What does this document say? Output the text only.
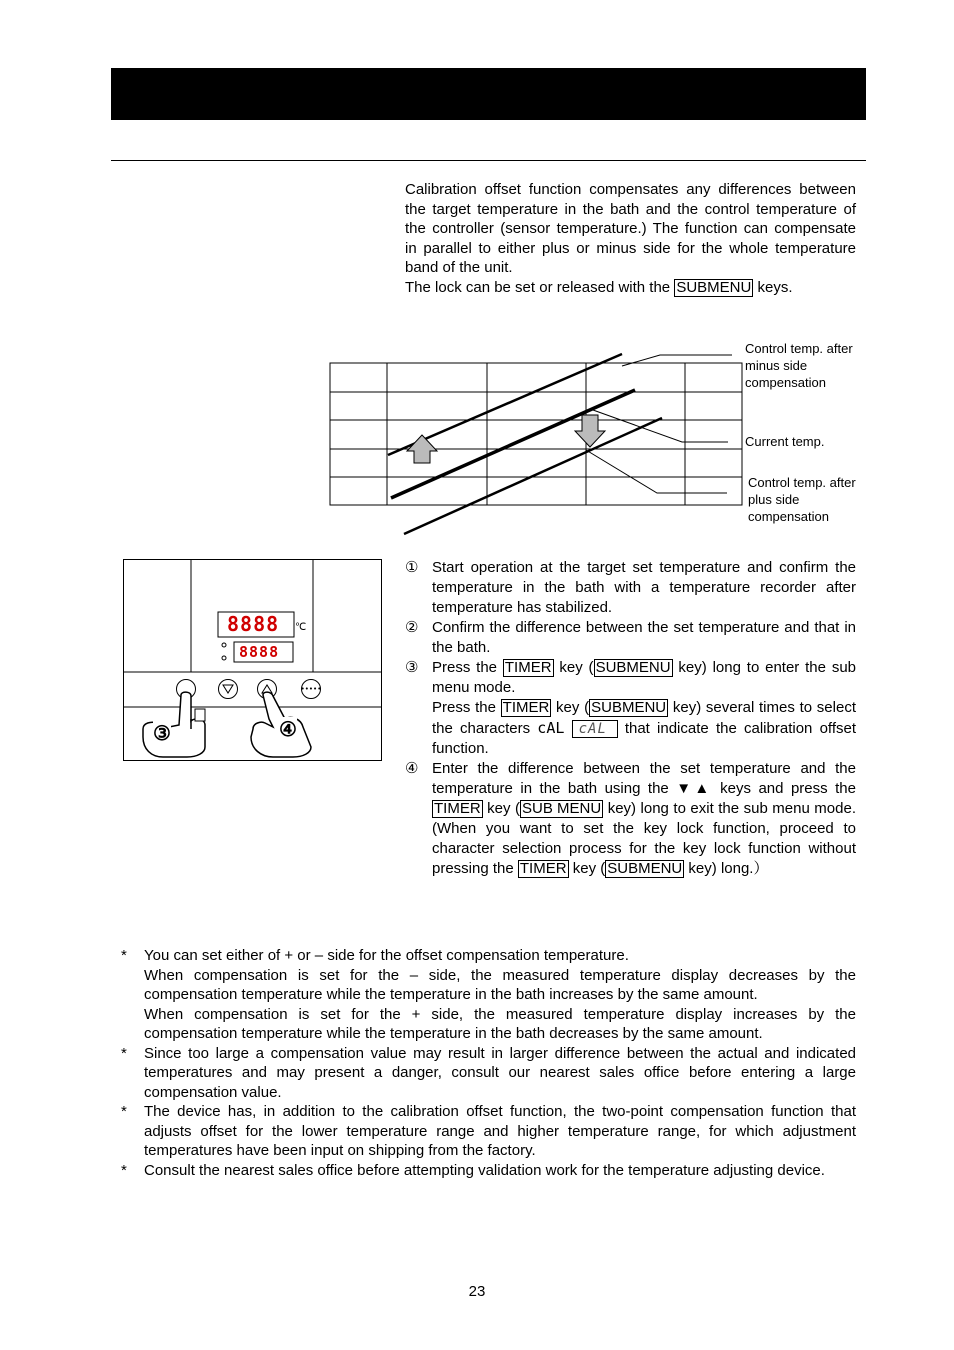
Calibration offset function compensates any differences between the target temperature in the bath and the control temperature of the controller (sensor temperature.) The function can compensate in parallel to either plus or minus side for the whole temperature band of the unit.

The lock can be set or released with the SUBMENU keys.

Control temp. after minus side compensation
Current temp.
Control temp. after plus side compensation
•••••
8888
8888
℃
③	④
① Start operation at the target set temperature and confirm the temperature in the bath with a temperature recorder after temperature has stabilized.

② Confirm the difference between the set temperature and that in the bath.

③ Press the TIMER key ( SUBMENU key) long to enter the sub menu mode.

Press the TIMER key ( SUBMENU key) several times to select the characters cAL cAL that indicate the calibration offset function.

④ Enter the difference between the set temperature and the temperature in the bath using the ▼▲ keys and press the TIMER key ( SUB MENU key) long to exit the sub menu mode. (When you want to set the key lock function, proceed to character selection process for the key lock function without pressing the TIMER key ( SUBMENU key) long.）

* You can set either of + or – side for the offset compensation temperature.

When compensation is set for the – side, the measured temperature display decreases by the compensation temperature while the temperature in the bath increases by the same amount.

When compensation is set for the + side, the measured temperature display increases by the compensation temperature while the temperature in the bath decreases by the same amount.

* Since too large a compensation value may result in larger difference between the actual and indicated temperatures and may present a danger, consult our nearest sales office before entering a large compensation value.

* The device has, in addition to the calibration offset function, the two-point compensation function that adjusts offset for the lower temperature range and higher temperature range, for which adjustment temperatures have been input on shipping from the factory.

* Consult the nearest sales office before attempting validation work for the temperature adjusting device.

23
